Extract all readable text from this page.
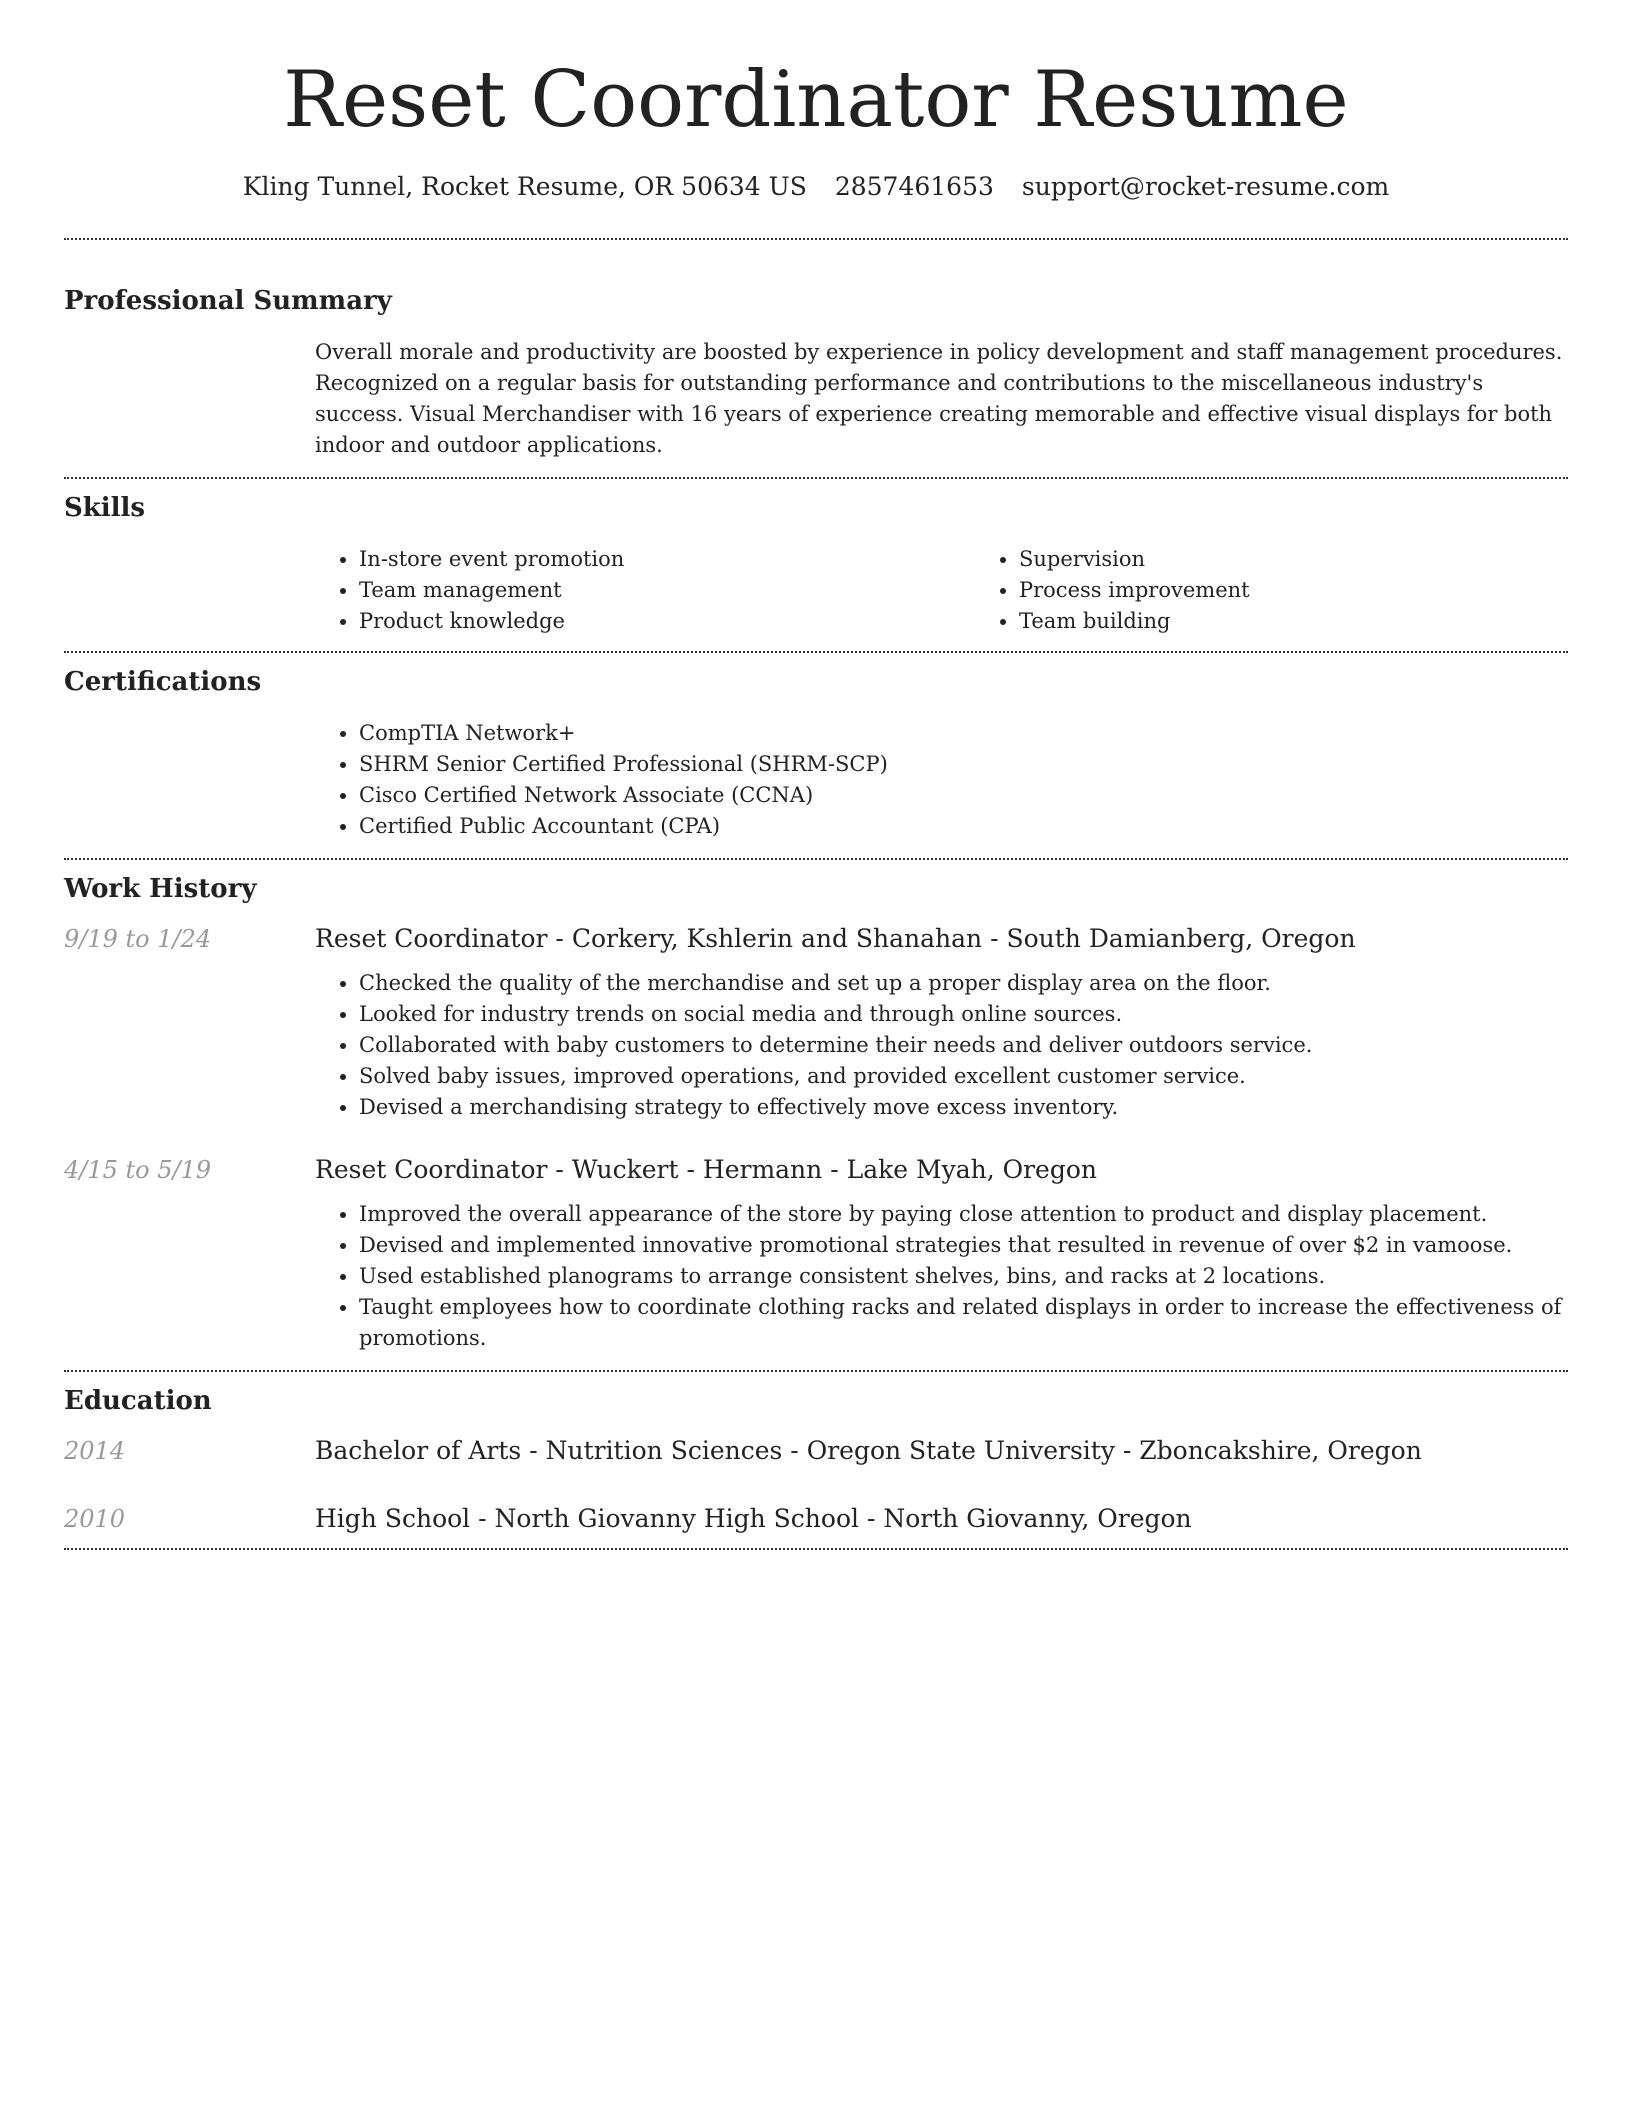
Reset Coordinator Resume
Kling Tunnel, Rocket Resume, OR 50634 US 2857461653 support@rocket-resume.com
Professional Summary

Overall morale and productivity are boosted by experience in policy development and staff management procedures. Recognized on a regular basis for outstanding performance and contributions to the miscellaneous industry's success. Visual Merchandiser with 16 years of experience creating memorable and effective visual displays for both indoor and outdoor applications.

Skills
• In-store event promotion
• Team management
• Product knowledge
• Supervision
• Process improvement
• Team building
Certifications
• CompTIA Network+
• SHRM Senior Certified Professional (SHRM-SCP)
• Cisco Certified Network Associate (CCNA)
• Certified Public Accountant (CPA)
Work History
9/19 to 1/24	Reset Coordinator - Corkery, Kshlerin and Shanahan - South Damianberg, Oregon
• Checked the quality of the merchandise and set up a proper display area on the floor.
• Looked for industry trends on social media and through online sources.
• Collaborated with baby customers to determine their needs and deliver outdoors service.
• Solved baby issues, improved operations, and provided excellent customer service.
• Devised a merchandising strategy to effectively move excess inventory.
4/15 to 5/19	Reset Coordinator - Wuckert - Hermann - Lake Myah, Oregon
• Improved the overall appearance of the store by paying close attention to product and display placement.
• Devised and implemented innovative promotional strategies that resulted in revenue of over $2 in vamoose.
• Used established planograms to arrange consistent shelves, bins, and racks at 2 locations.
• Taught employees how to coordinate clothing racks and related displays in order to increase the effectiveness of promotions.
Education
2014	Bachelor of Arts - Nutrition Sciences - Oregon State University - Zboncakshire, Oregon
2010	High School - North Giovanny High School - North Giovanny, Oregon
